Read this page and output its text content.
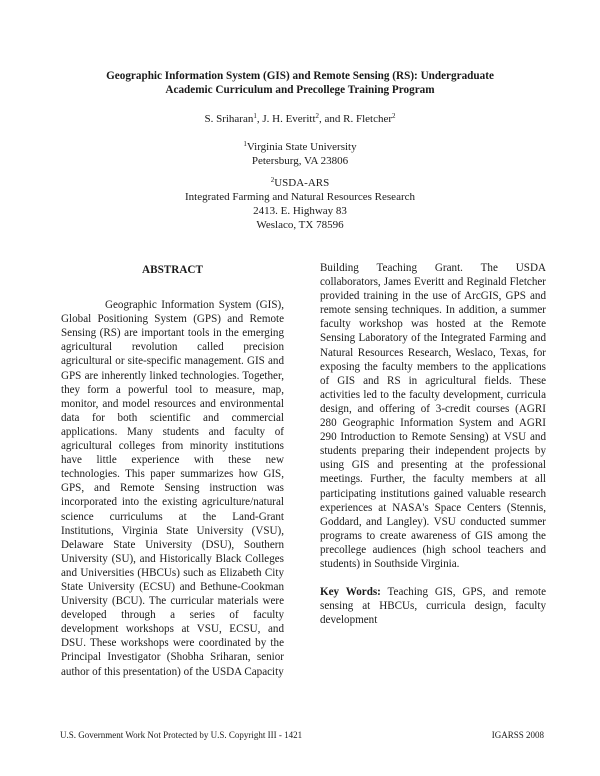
Geographic Information System (GIS) and Remote Sensing (RS): Undergraduate
Academic Curriculum and Precollege Training Program
S. Sriharan$^1$, J. H. Everitt$^2$, and R. Fletcher$^2$
$^1$Virginia State University
Petersburg, VA 23806
$^2$USDA-ARS
Integrated Farming and Natural Resources Research
2413. E. Highway 83
Weslaco, TX 78596
ABSTRACT

Geographic Information System (GIS), Global Positioning System (GPS) and Remote Sensing (RS) are important tools in the emerging agricultural revolution called precision agricultural or site-specific management. GIS and GPS are inherently linked technologies. Together, they form a powerful tool to measure, map, monitor, and model resources and environmental data for both scientific and commercial applications. Many students and faculty of agricultural colleges from minority institutions have little experience with these new technologies. This paper summarizes how GIS, GPS, and Remote Sensing instruction was incorporated into the existing agriculture/natural science curriculums at the Land-Grant Institutions, Virginia State University (VSU), Delaware State University (DSU), Southern University (SU), and Historically Black Colleges and Universities (HBCUs) such as Elizabeth City State University (ECSU) and Bethune-Cookman University (BCU). The curricular materials were developed through a series of faculty development workshops at VSU, ECSU, and DSU. These workshops were coordinated by the Principal Investigator (Shobha Sriharan, senior author of this presentation) of the USDA Capacity

Building Teaching Grant. The USDA collaborators, James Everitt and Reginald Fletcher provided training in the use of ArcGIS, GPS and remote sensing techniques. In addition, a summer faculty workshop was hosted at the Remote Sensing Laboratory of the Integrated Farming and Natural Resources Research, Weslaco, Texas, for exposing the faculty members to the applications of GIS and RS in agricultural fields. These activities led to the faculty development, curricula design, and offering of 3-credit courses (AGRI 280 Geographic Information System and AGRI 290 Introduction to Remote Sensing) at VSU and students preparing their independent projects by using GIS and presenting at the professional meetings. Further, the faculty members at all participating institutions gained valuable research experiences at NASA's Space Centers (Stennis, Goddard, and Langley). VSU conducted summer programs to create awareness of GIS among the precollege audiences (high school teachers and students) in Southside Virginia.

Key Words: Teaching GIS, GPS, and remote sensing at HBCUs, curricula design, faculty development

U.S. Government Work Not Protected by U.S. Copyright III - 1421	IGARSS 2008
